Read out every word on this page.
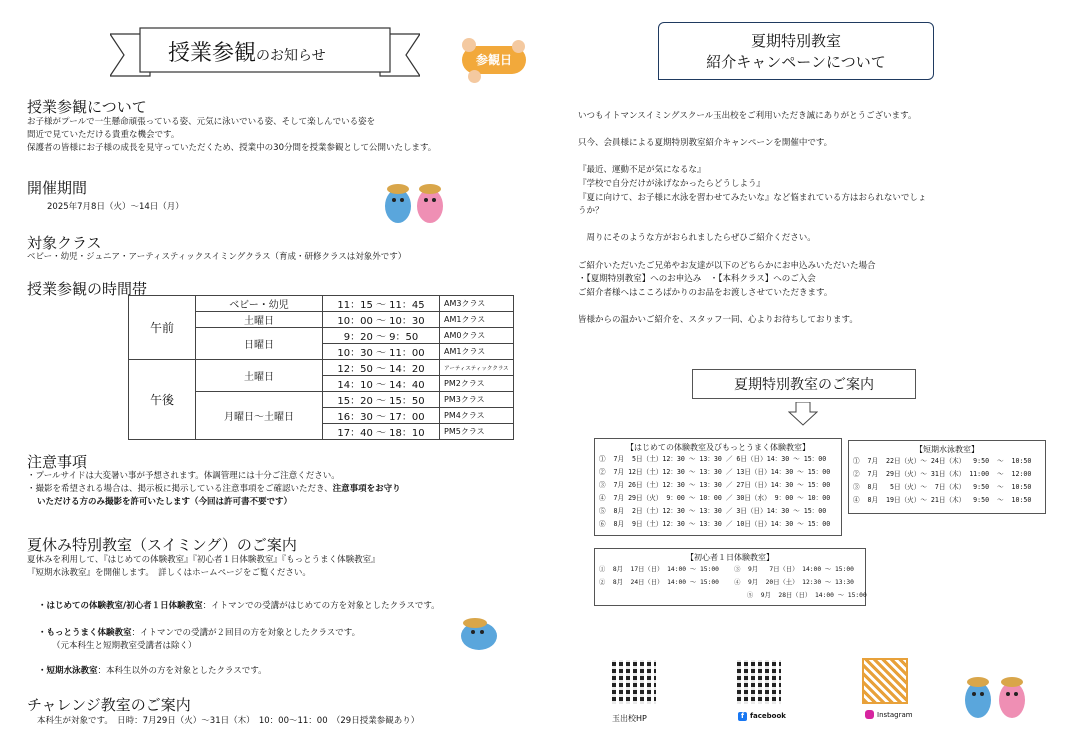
授業参観のお知らせ	参観日
授業参観について
お子様がプールで一生懸命頑張っている姿、元気に泳いでいる姿、そして楽しんでいる姿を
間近で見ていただける貴重な機会です。
保護者の皆様にお子様の成長を見守っていただくため、授業中の30分間を授業参観として公開いたします。
開催期間
2025年7月8日（火）～14日（月）
対象クラス
ベビー・幼児・ジュニア・アーティスティックスイミングクラス（育成・研修クラスは対象外です）
授業参観の時間帯
午前	ベビー・幼児	11：15 ～ 11：45	AM3クラス
	土曜日	10：00 ～ 10：30	AM1クラス
	日曜日	9：20 ～ 9：50	AM0クラス
		10：30 ～ 11：00	AM1クラス
午後	土曜日	12：50 ～ 14：20	アーティスティッククラス
		14：10 ～ 14：40	PM2クラス
	月曜日～土曜日	15：20 ～ 15：50	PM3クラス
		16：30 ～ 17：00	PM4クラス
		17：40 ～ 18：10	PM5クラス
注意事項
・プールサイドは大変暑い事が予想されます。体調管理には十分ご注意ください。
・撮影を希望される場合は、掲示板に掲示している注意事項をご確認いただき、注意事項をお守り
いただける方のみ撮影を許可いたします（今回は許可書不要です）
夏休み特別教室（スイミング）のご案内
夏休みを利用して、『はじめての体験教室』『初心者１日体験教室』『もっとうまく体験教室』
『短期水泳教室』を開催します。　詳しくはホームページをご覧ください。
・はじめての体験教室/初心者１日体験教室：イトマンでの受講がはじめての方を対象としたクラスです。
・もっとうまく体験教室：イトマンでの受講が２回目の方を対象としたクラスです。
（元本科生と短期教室受講者は除く）
・短期水泳教室：本科生以外の方を対象としたクラスです。
チャレンジ教室のご案内
本科生が対象です。　日時：7月29日（火）～31日（木）　10：00～11：00　（29日授業参観あり）
夏期特別教室
紹介キャンペーンについて
いつもイトマンスイミングスクール玉出校をご利用いただき誠にありがとうございます。

只今、会員様による夏期特別教室紹介キャンペーンを開催中です。

『最近、運動不足が気になるな』
『学校で自分だけが泳げなかったらどうしよう』
『夏に向けて、お子様に水泳を習わせてみたいな』など悩まれている方はおられないでしょ
うか？

　周りにそのような方がおられましたらぜひご紹介ください。

ご紹介いただいたご兄弟やお友達が以下のどちらかにお申込みいただいた場合
・【夏期特別教室】へのお申込み　・【本科クラス】へのご入会
ご紹介者様へはこころばかりのお品をお渡しさせていただきます。

皆様からの温かいご紹介を、スタッフ一同、心よりお待ちしております。
夏期特別教室のご案内
【はじめての体験教室及びもっとうまく体験教室】
①  7月  5日（土）12：30 ～ 13：30 ／ 6日（日）14：30 ～ 15：00
②  7月 12日（土）12：30 ～ 13：30 ／ 13日（日）14：30 ～ 15：00
③  7月 26日（土）12：30 ～ 13：30 ／ 27日（日）14：30 ～ 15：00
④  7月 29日（火） 9：00 ～ 10：00 ／ 30日（水） 9：00 ～ 10：00
⑤  8月  2日（土）12：30 ～ 13：30 ／ 3日（日）14：30 ～ 15：00
⑥  8月  9日（土）12：30 ～ 13：30 ／ 10日（日）14：30 ～ 15：00
【短期水泳教室】
①  7月  22日（火）～ 24日（木）  9:50  ～  10:50
②  7月  29日（火）～ 31日（木） 11:00  ～  12:00
③  8月   5日（火）～  7日（木）  9:50  ～  10:50
④  8月  19日（火）～ 21日（木）  9:50  ～  10:50
【初心者１日体験教室】
①  8月  17日（日） 14:00 ～ 15:00    ③  9月   7日（日） 14:00 ～ 15:00
②  8月  24日（日） 14:00 ～ 15:00    ④  9月  20日（土） 12:30 ～ 13:30
⑤  9月  28日（日） 14:00 ～ 15:00
玉出校HP	f facebook	Instagram
